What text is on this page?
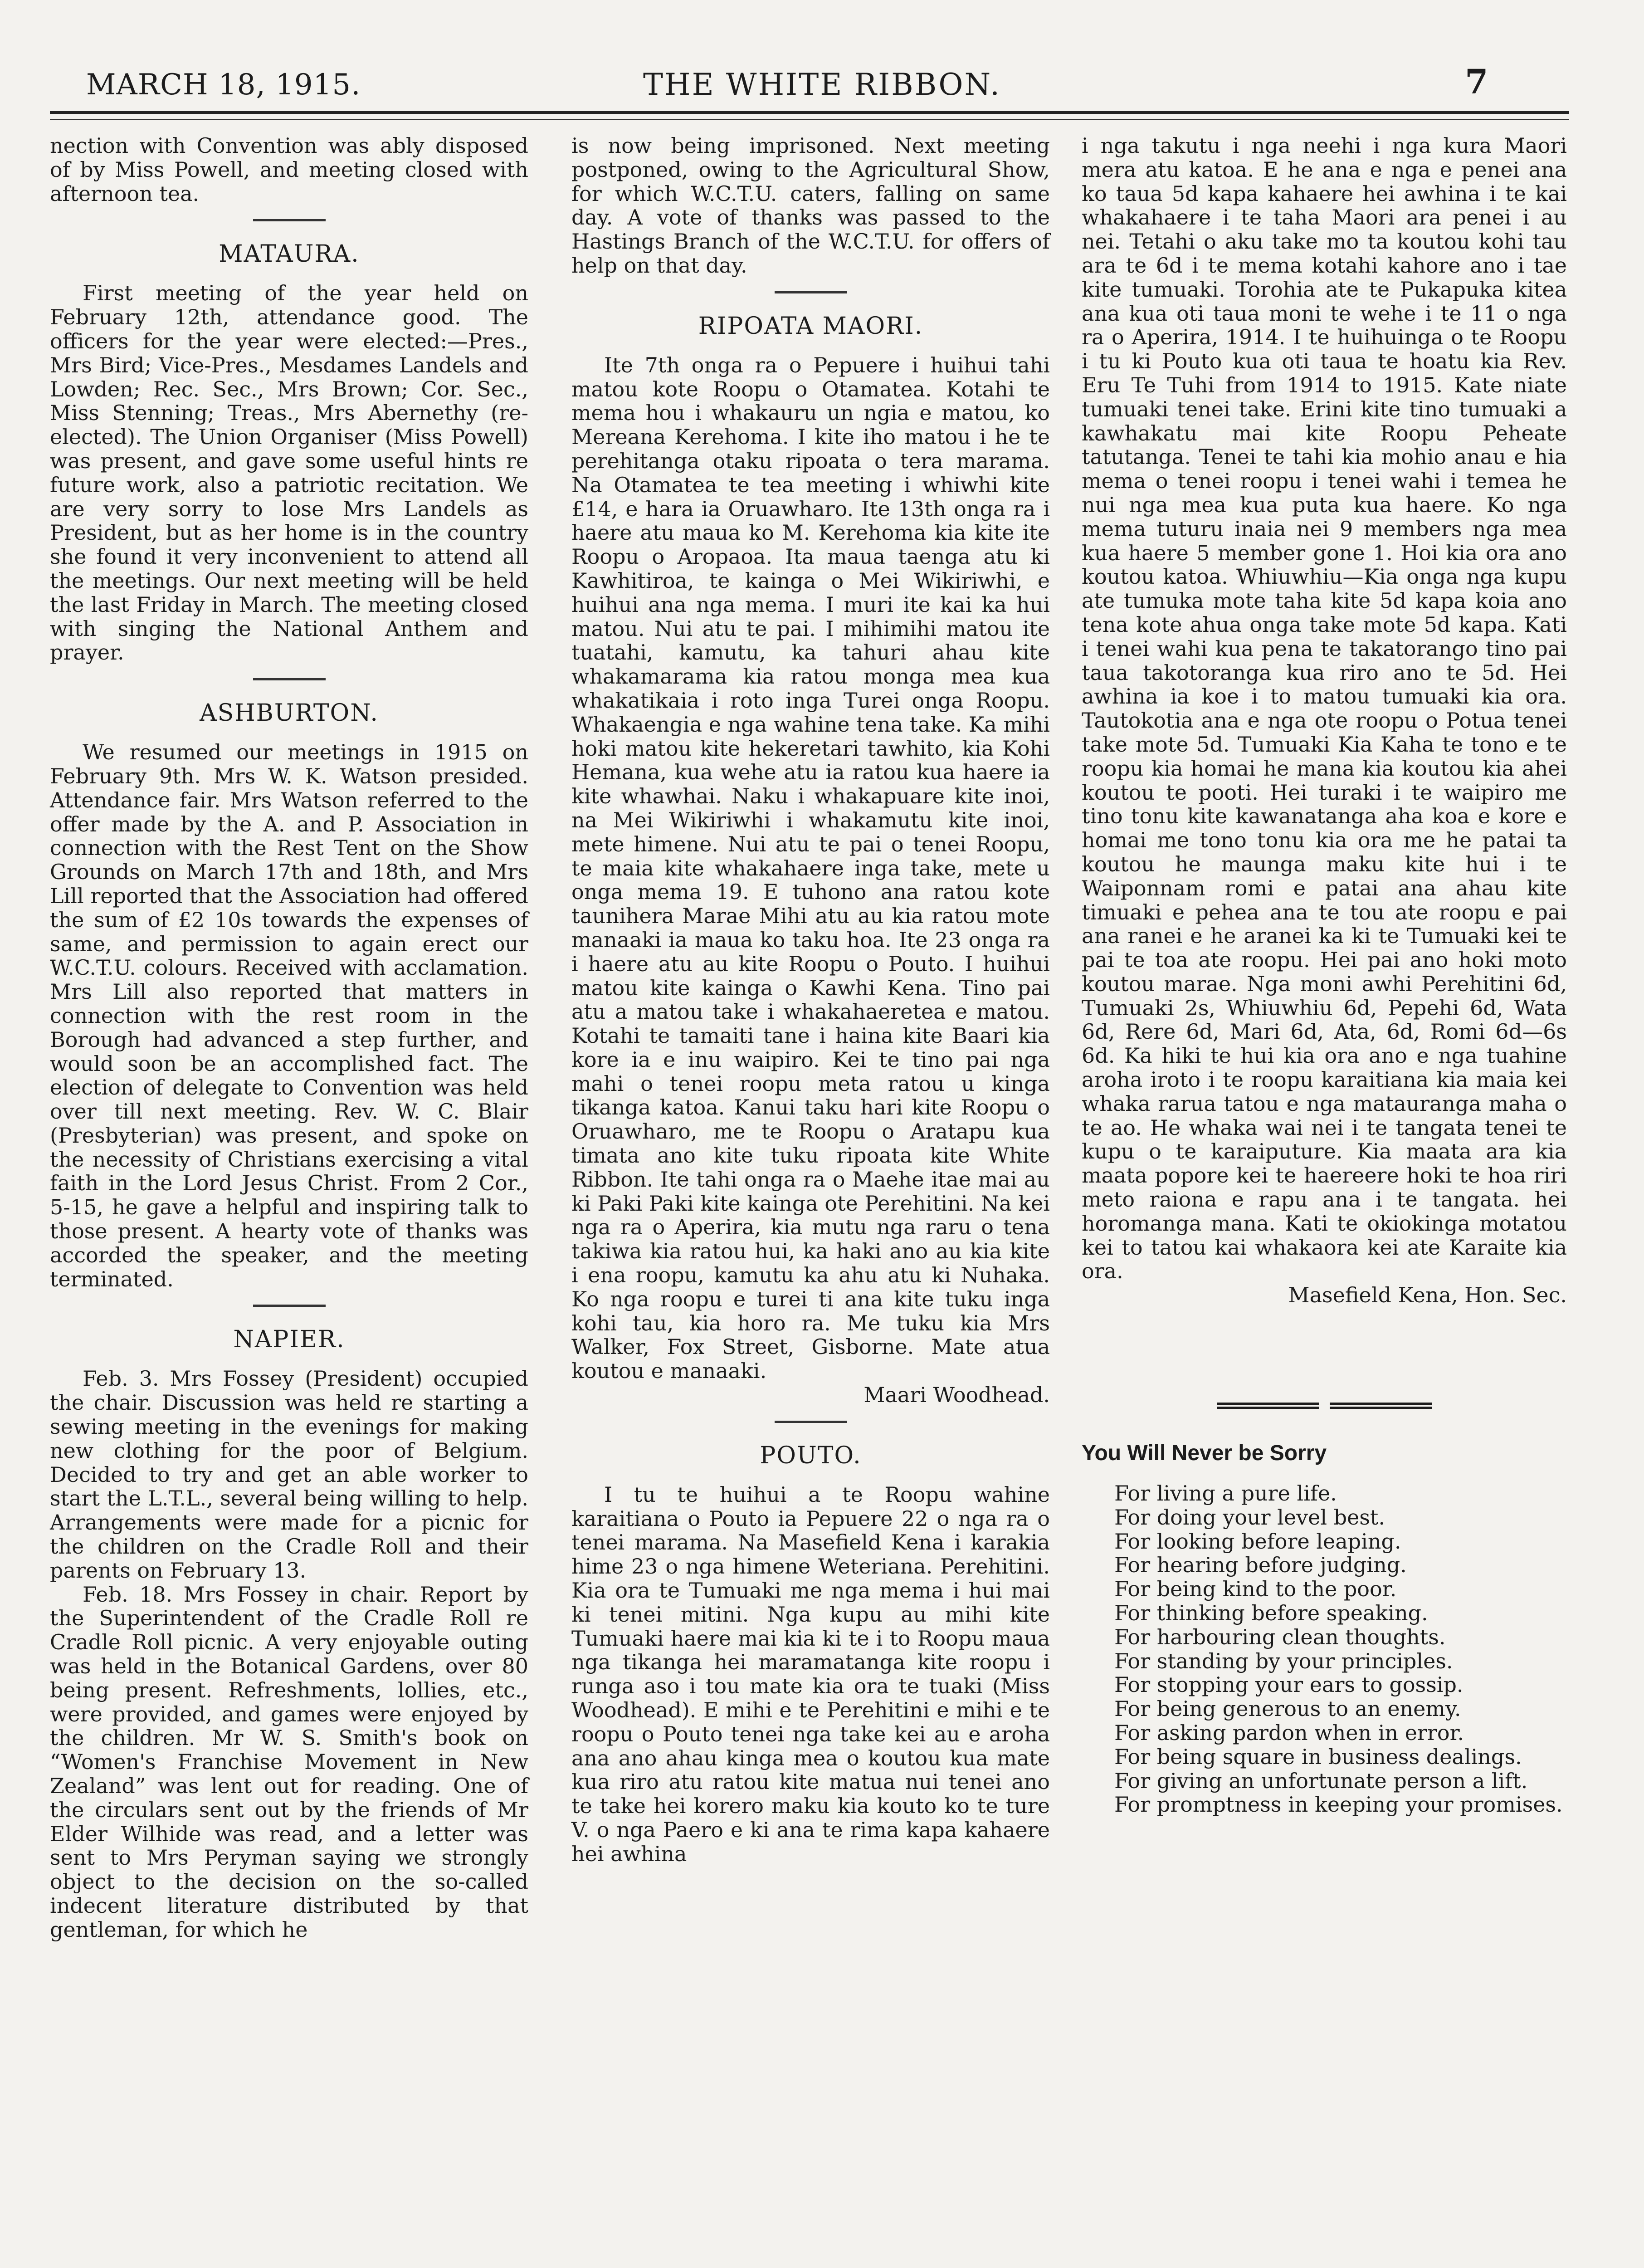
MARCH 18, 1915.	THE WHITE RIBBON.	7

nection with Convention was ably disposed of by Miss Powell, and meeting closed with afternoon tea.

MATAURA.

First meeting of the year held on February 12th, attendance good. The officers for the year were elected:—Pres., Mrs Bird; Vice-Pres., Mesdames Landels and Lowden; Rec. Sec., Mrs Brown; Cor. Sec., Miss Stenning; Treas., Mrs Abernethy (re-elected). The Union Organiser (Miss Powell) was present, and gave some useful hints re future work, also a patriotic recitation. We are very sorry to lose Mrs Landels as President, but as her home is in the country she found it very inconvenient to attend all the meetings. Our next meeting will be held the last Friday in March. The meeting closed with singing the National Anthem and prayer.

ASHBURTON.

We resumed our meetings in 1915 on February 9th. Mrs W. K. Watson presided. Attendance fair. Mrs Watson referred to the offer made by the A. and P. Association in connection with the Rest Tent on the Show Grounds on March 17th and 18th, and Mrs Lill reported that the Association had offered the sum of £2 10s towards the expenses of same, and permission to again erect our W.C.T.U. colours. Received with acclamation. Mrs Lill also reported that matters in connection with the rest room in the Borough had advanced a step further, and would soon be an accomplished fact. The election of delegate to Convention was held over till next meeting. Rev. W. C. Blair (Presbyterian) was present, and spoke on the necessity of Christians exercising a vital faith in the Lord Jesus Christ. From 2 Cor., 5-15, he gave a helpful and inspiring talk to those present. A hearty vote of thanks was accorded the speaker, and the meeting terminated.

NAPIER.

Feb. 3. Mrs Fossey (President) occupied the chair. Discussion was held re starting a sewing meeting in the evenings for making new clothing for the poor of Belgium. Decided to try and get an able worker to start the L.T.L., several being willing to help. Arrangements were made for a picnic for the children on the Cradle Roll and their parents on February 13.

Feb. 18. Mrs Fossey in chair. Report by the Superintendent of the Cradle Roll re Cradle Roll picnic. A very enjoyable outing was held in the Botanical Gardens, over 80 being present. Refreshments, lollies, etc., were provided, and games were enjoyed by the children. Mr W. S. Smith's book on “Women's Franchise Movement in New Zealand” was lent out for reading. One of the circulars sent out by the friends of Mr Elder Wilhide was read, and a letter was sent to Mrs Peryman saying we strongly object to the decision on the so-called indecent literature distributed by that gentleman, for which he

is now being imprisoned. Next meeting postponed, owing to the Agricultural Show, for which W.C.T.U. caters, falling on same day. A vote of thanks was passed to the Hastings Branch of the W.C.T.U. for offers of help on that day.

RIPOATA MAORI.

Ite 7th onga ra o Pepuere i huihui tahi matou kote Roopu o Otamatea. Kotahi te mema hou i whakauru un ngia e matou, ko Mereana Kerehoma. I kite iho matou i he te perehitanga otaku ripoata o tera marama. Na Otamatea te tea meeting i whiwhi kite £14, e hara ia Oruawharo. Ite 13th onga ra i haere atu maua ko M. Kerehoma kia kite ite Roopu o Aropaoa. Ita maua taenga atu ki Kawhitiroa, te kainga o Mei Wikiriwhi, e huihui ana nga mema. I muri ite kai ka hui matou. Nui atu te pai. I mihimihi matou ite tuatahi, kamutu, ka tahuri ahau kite whakamarama kia ratou monga mea kua whakatikaia i roto inga Turei onga Roopu. Whakaengia e nga wahine tena take. Ka mihi hoki matou kite hekeretari tawhito, kia Kohi Hemana, kua wehe atu ia ratou kua haere ia kite whawhai. Naku i whakapuare kite inoi, na Mei Wikiriwhi i whakamutu kite inoi, mete himene. Nui atu te pai o tenei Roopu, te maia kite whakahaere inga take, mete u onga mema 19. E tuhono ana ratou kote taunihera Marae Mihi atu au kia ratou mote manaaki ia maua ko taku hoa. Ite 23 onga ra i haere atu au kite Roopu o Pouto. I huihui matou kite kainga o Kawhi Kena. Tino pai atu a matou take i whakahaeretea e matou. Kotahi te tamaiti tane i haina kite Baari kia kore ia e inu waipiro. Kei te tino pai nga mahi o tenei roopu meta ratou u kinga tikanga katoa. Kanui taku hari kite Roopu o Oruawharo, me te Roopu o Aratapu kua timata ano kite tuku ripoata kite White Ribbon. Ite tahi onga ra o Maehe itae mai au ki Paki Paki kite kainga ote Perehitini. Na kei nga ra o Aperira, kia mutu nga raru o tena takiwa kia ratou hui, ka haki ano au kia kite i ena roopu, kamutu ka ahu atu ki Nuhaka. Ko nga roopu e turei ti ana kite tuku inga kohi tau, kia horo ra. Me tuku kia Mrs Walker, Fox Street, Gisborne. Mate atua koutou e manaaki.

Maari Woodhead.

POUTO.

I tu te huihui a te Roopu wahine karaitiana o Pouto ia Pepuere 22 o nga ra o tenei marama. Na Masefield Kena i karakia hime 23 o nga himene Weteriana. Perehitini. Kia ora te Tumuaki me nga mema i hui mai ki tenei mitini. Nga kupu au mihi kite Tumuaki haere mai kia ki te i to Roopu maua nga tikanga hei maramatanga kite roopu i runga aso i tou mate kia ora te tuaki (Miss Woodhead). E mihi e te Perehitini e mihi e te roopu o Pouto tenei nga take kei au e aroha ana ano ahau kinga mea o koutou kua mate kua riro atu ratou kite matua nui tenei ano te take hei korero maku kia kouto ko te ture V. o nga Paero e ki ana te rima kapa kahaere hei awhina

i nga takutu i nga neehi i nga kura Maori mera atu katoa. E he ana e nga e penei ana ko taua 5d kapa kahaere hei awhina i te kai whakahaere i te taha Maori ara penei i au nei. Tetahi o aku take mo ta koutou kohi tau ara te 6d i te mema kotahi kahore ano i tae kite tumuaki. Torohia ate te Pukapuka kitea ana kua oti taua moni te wehe i te 11 o nga ra o Aperira, 1914. I te huihuinga o te Roopu i tu ki Pouto kua oti taua te hoatu kia Rev. Eru Te Tuhi from 1914 to 1915. Kate niate tumuaki tenei take. Erini kite tino tumuaki a kawhakatu mai kite Roopu Peheate tatutanga. Tenei te tahi kia mohio anau e hia mema o tenei roopu i tenei wahi i temea he nui nga mea kua puta kua haere. Ko nga mema tuturu inaia nei 9 members nga mea kua haere 5 member gone 1. Hoi kia ora ano koutou katoa. Whiuwhiu—Kia onga nga kupu ate tumuka mote taha kite 5d kapa koia ano tena kote ahua onga take mote 5d kapa. Kati i tenei wahi kua pena te takatorango tino pai taua takotoranga kua riro ano te 5d. Hei awhina ia koe i to matou tumuaki kia ora. Tautokotia ana e nga ote roopu o Potua tenei take mote 5d. Tumuaki Kia Kaha te tono e te roopu kia homai he mana kia koutou kia ahei koutou te pooti. Hei turaki i te waipiro me tino tonu kite kawanatanga aha koa e kore e homai me tono tonu kia ora me he patai ta koutou he maunga maku kite hui i te Waiponnam romi e patai ana ahau kite timuaki e pehea ana te tou ate roopu e pai ana ranei e he aranei ka ki te Tumuaki kei te pai te toa ate roopu. Hei pai ano hoki moto koutou marae. Nga moni awhi Perehitini 6d, Tumuaki 2s, Whiuwhiu 6d, Pepehi 6d, Wata 6d, Rere 6d, Mari 6d, Ata, 6d, Romi 6d—6s 6d. Ka hiki te hui kia ora ano e nga tuahine aroha iroto i te roopu karaitiana kia maia kei whaka rarua tatou e nga matauranga maha o te ao. He whaka wai nei i te tangata tenei te kupu o te karaiputure. Kia maata ara kia maata popore kei te haereere hoki te hoa riri meto raiona e rapu ana i te tangata. hei horomanga mana. Kati te okiokinga motatou kei to tatou kai whakaora kei ate Karaite kia ora.

Masefield Kena, Hon. Sec.

You Will Never be Sorry

For living a pure life.

For doing your level best.

For looking before leaping.

For hearing before judging.

For being kind to the poor.

For thinking before speaking.

For harbouring clean thoughts.

For standing by your principles.

For stopping your ears to gossip.

For being generous to an enemy.

For asking pardon when in error.

For being square in business dealings.

For giving an unfortunate person a lift.

For promptness in keeping your promises.
